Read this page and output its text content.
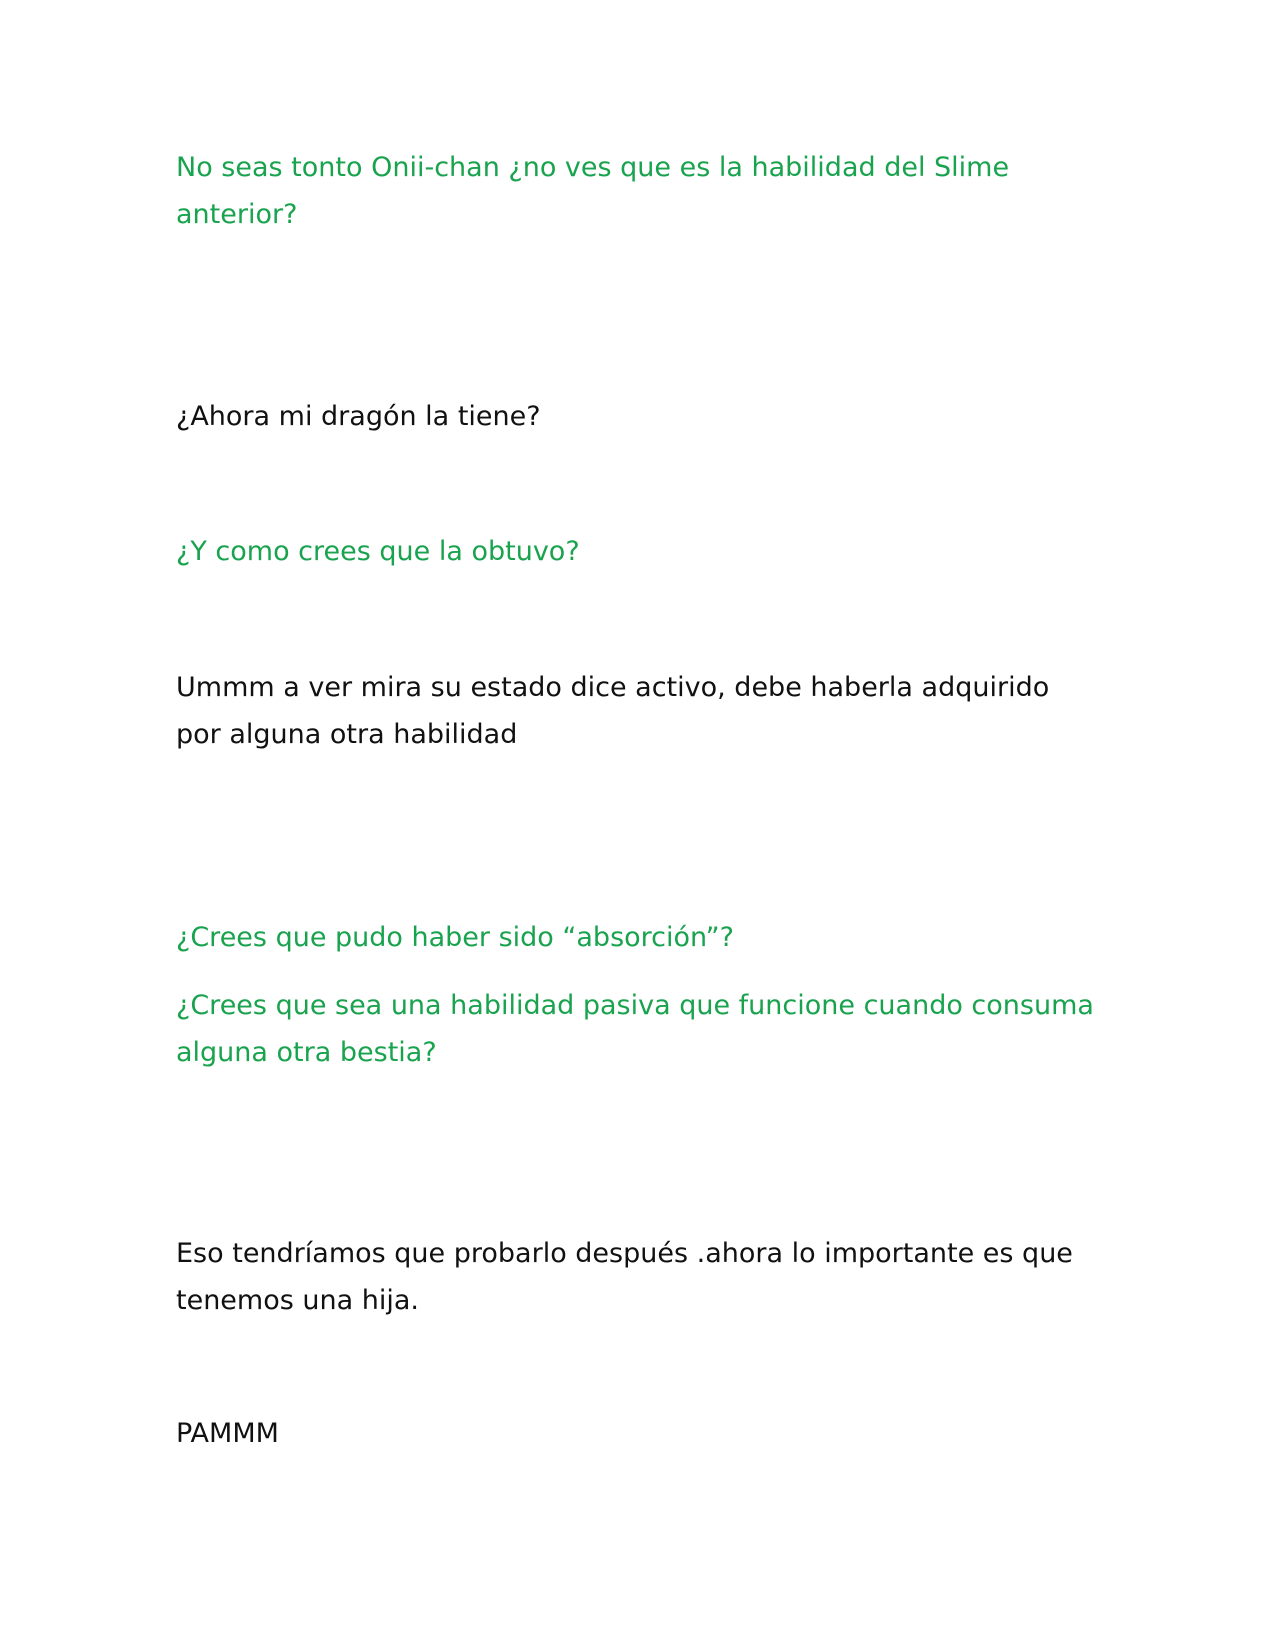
No seas tonto Onii-chan ¿no ves que es la habilidad del Slime anterior?

¿Ahora mi dragón la tiene?

¿Y como crees que la obtuvo?

Ummm a ver mira su estado dice activo, debe haberla adquirido por alguna otra habilidad

¿Crees que pudo haber sido “absorción”?

¿Crees que sea una habilidad pasiva que funcione cuando consuma alguna otra bestia?

Eso tendríamos que probarlo después .ahora lo importante es que tenemos una hija.

PAMMM
